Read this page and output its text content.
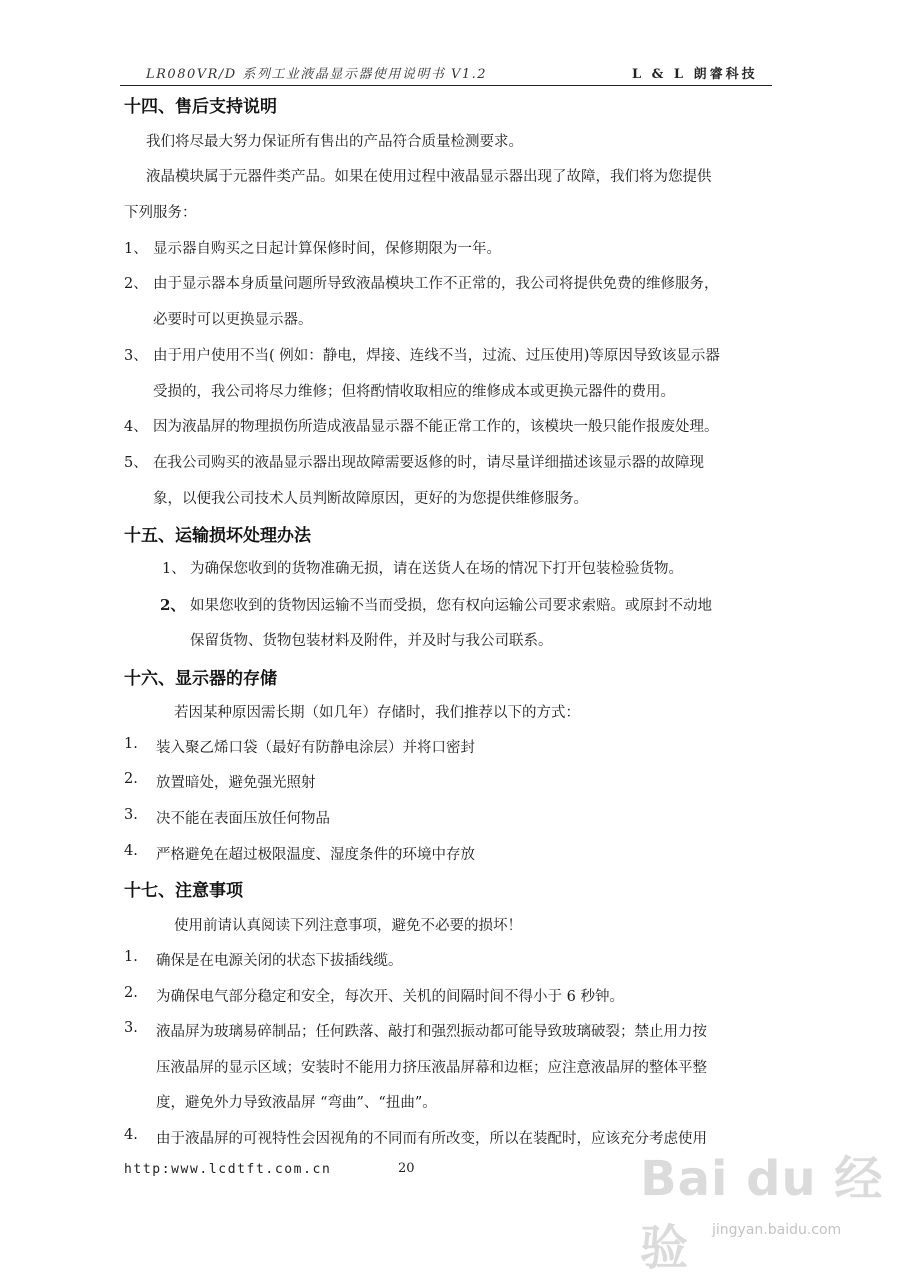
LR080VR/D 系列工业液晶显示器使用说明书 V1.2	L & L 朗睿科技
十四、售后支持说明
我们将尽最大努力保证所有售出的产品符合质量检测要求。
液晶模块属于元器件类产品。如果在使用过程中液晶显示器出现了故障，我们将为您提供
下列服务：
1、 显示器自购买之日起计算保修时间，保修期限为一年。
2、 由于显示器本身质量问题所导致液晶模块工作不正常的，我公司将提供免费的维修服务，
必要时可以更换显示器。
3、 由于用户使用不当( 例如：静电，焊接、连线不当，过流、过压使用)等原因导致该显示器
受损的，我公司将尽力维修；但将酌情收取相应的维修成本或更换元器件的费用。
4、 因为液晶屏的物理损伤所造成液晶显示器不能正常工作的，该模块一般只能作报废处理。
5、 在我公司购买的液晶显示器出现故障需要返修的时，请尽量详细描述该显示器的故障现
象，以便我公司技术人员判断故障原因，更好的为您提供维修服务。
十五、运输损坏处理办法
1、 为确保您收到的货物准确无损，请在送货人在场的情况下打开包装检验货物。
2、 如果您收到的货物因运输不当而受损，您有权向运输公司要求索赔。或原封不动地
保留货物、货物包装材料及附件，并及时与我公司联系。
十六、显示器的存储
若因某种原因需长期（如几年）存储时，我们推荐以下的方式：
1. 装入聚乙烯口袋（最好有防静电涂层）并将口密封
2. 放置暗处，避免强光照射
3. 决不能在表面压放任何物品
4. 严格避免在超过极限温度、湿度条件的环境中存放
十七、注意事项
使用前请认真阅读下列注意事项，避免不必要的损坏！
1. 确保是在电源关闭的状态下拔插线缆。
2. 为确保电气部分稳定和安全，每次开、关机的间隔时间不得小于 6 秒钟。
3. 液晶屏为玻璃易碎制品；任何跌落、敲打和强烈振动都可能导致玻璃破裂；禁止用力按
压液晶屏的显示区域；安装时不能用力挤压液晶屏幕和边框；应注意液晶屏的整体平整
度，避免外力导致液晶屏 “弯曲”、“扭曲”。
4. 由于液晶屏的可视特性会因视角的不同而有所改变，所以在装配时，应该充分考虑使用
http:www.lcdtft.com.cn	20	Bai du 经验	jingyan.baidu.com
